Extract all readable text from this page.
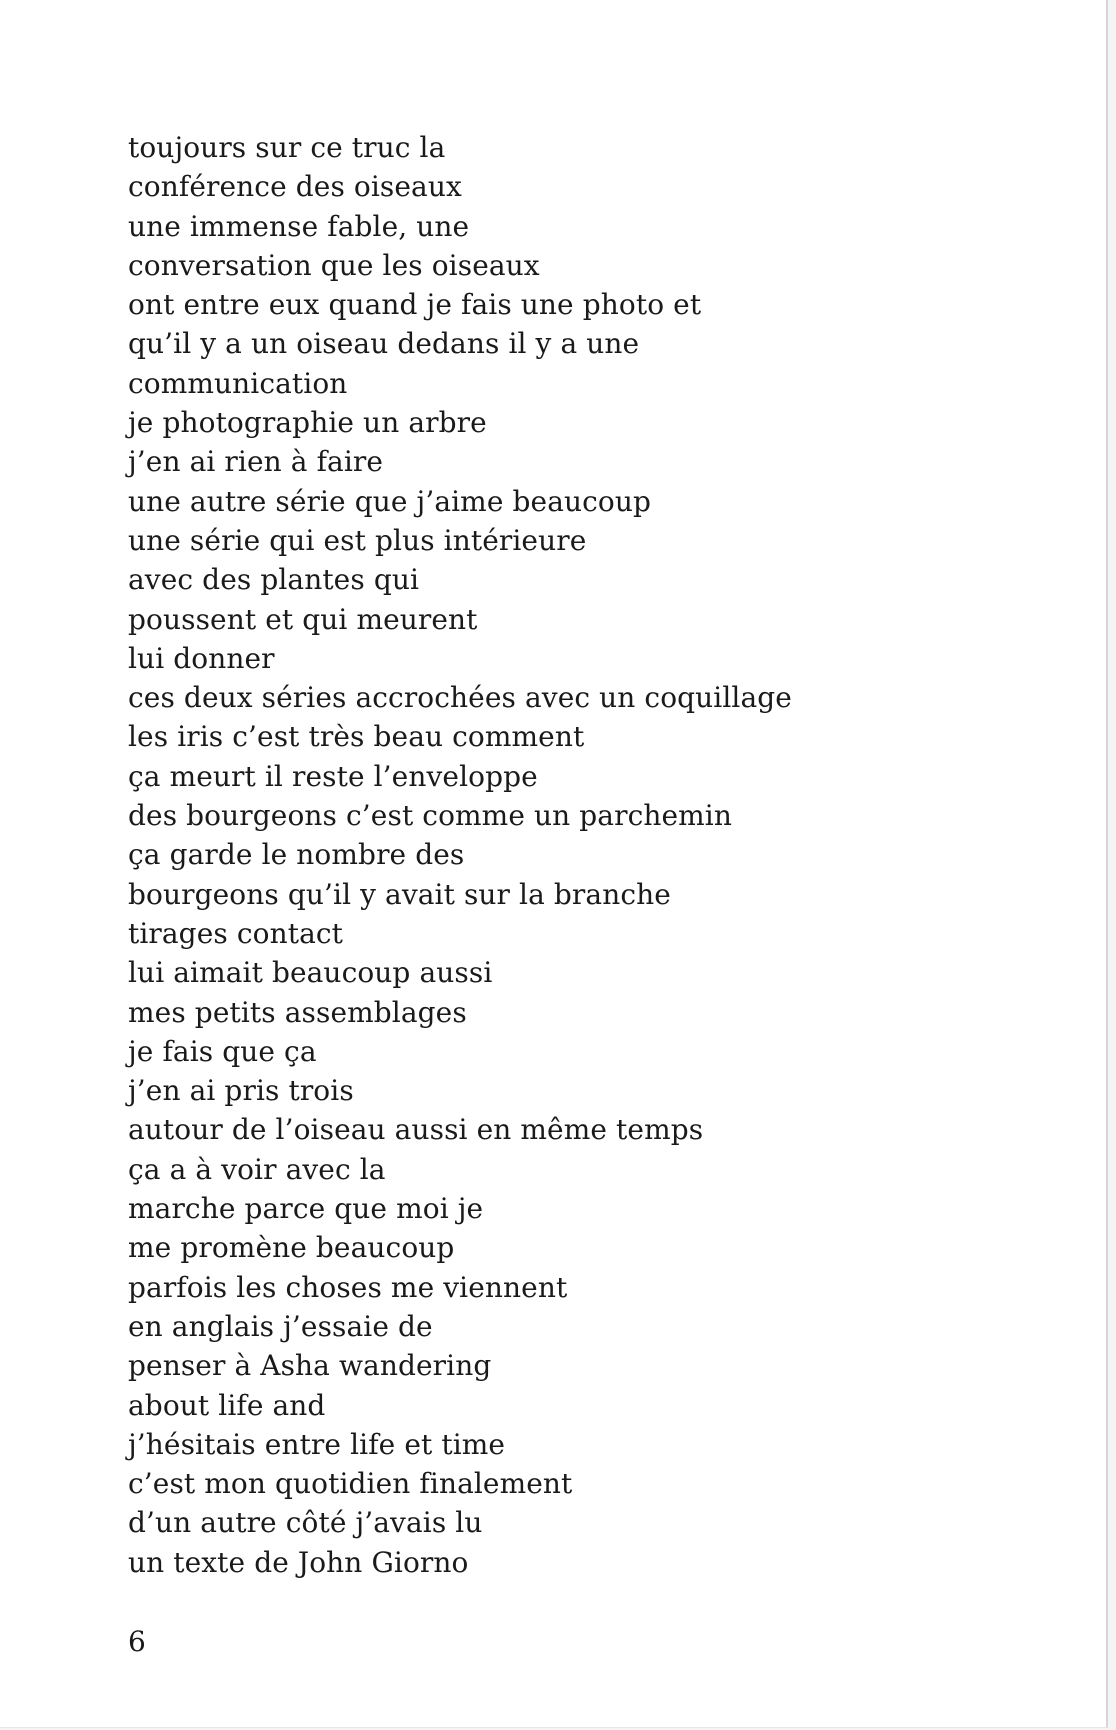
toujours sur ce truc la
conférence des oiseaux
une immense fable, une
conversation que les oiseaux
ont entre eux quand je fais une photo et
qu’il y a un oiseau dedans il y a une
communication
je photographie un arbre
j’en ai rien à faire
une autre série que j’aime beaucoup
une série qui est plus intérieure
avec des plantes qui
poussent et qui meurent
lui donner
ces deux séries accrochées avec un coquillage
les iris c’est très beau comment
ça meurt il reste l’enveloppe
des bourgeons c’est comme un parchemin
ça garde le nombre des
bourgeons qu’il y avait sur la branche
tirages contact
lui aimait beaucoup aussi
mes petits assemblages
je fais que ça
j’en ai pris trois
autour de l’oiseau aussi en même temps
ça a à voir avec la
marche parce que moi je
me promène beaucoup
parfois les choses me viennent
en anglais j’essaie de
penser à Asha wandering
about life and
j’hésitais entre life et time
c’est mon quotidien finalement
d’un autre côté j’avais lu
un texte de John Giorno
6
